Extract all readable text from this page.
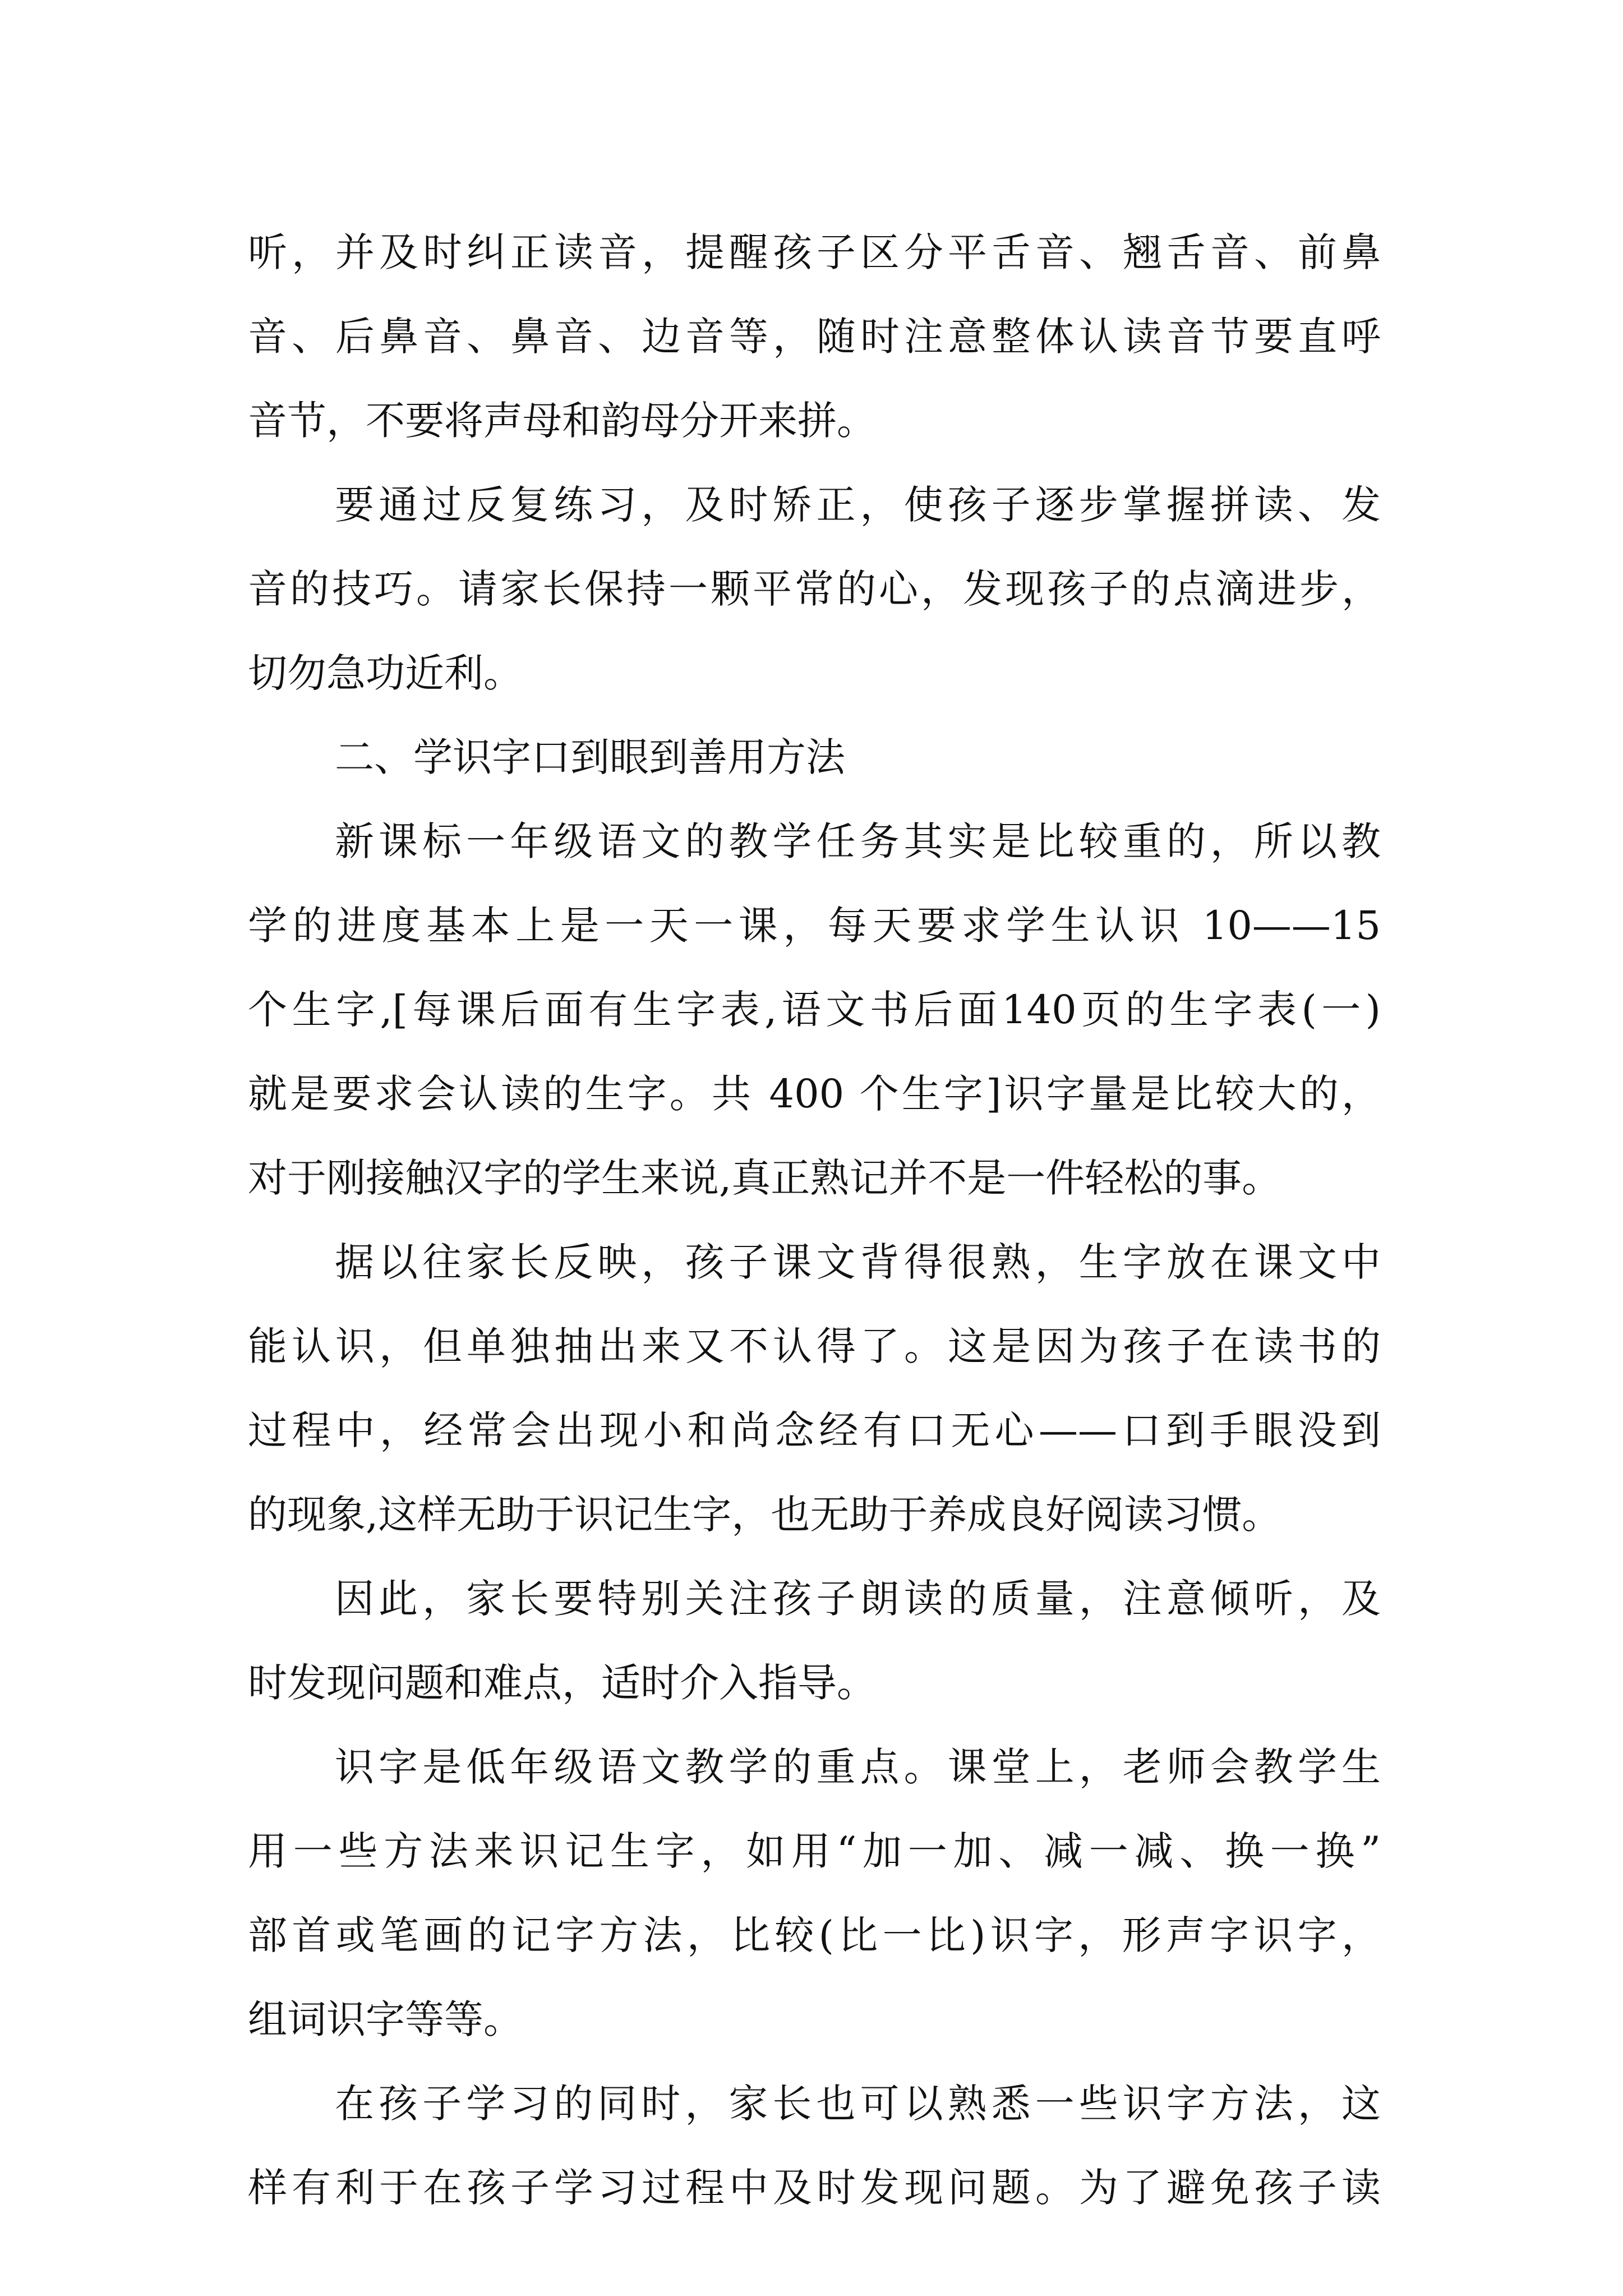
听，并及时纠正读音，提醒孩子区分平舌音、翘舌音、前鼻
音、后鼻音、鼻音、边音等，随时注意整体认读音节要直呼
音节，不要将声母和韵母分开来拼。
要通过反复练习，及时矫正，使孩子逐步掌握拼读、发
音的技巧。请家长保持一颗平常的心，发现孩子的点滴进步，
切勿急功近利。
二、学识字口到眼到善用方法
新课标一年级语文的教学任务其实是比较重的，所以教
学的进度基本上是一天一课，每天要求学生认识 10——15
个生字,[每课后面有生字表,语文书后面140页的生字表(一)
就是要求会认读的生字。共 400 个生字]识字量是比较大的，
对于刚接触汉字的学生来说,真正熟记并不是一件轻松的事。
据以往家长反映，孩子课文背得很熟，生字放在课文中
能认识，但单独抽出来又不认得了。这是因为孩子在读书的
过程中，经常会出现小和尚念经有口无心——口到手眼没到
的现象,这样无助于识记生字，也无助于养成良好阅读习惯。
因此，家长要特别关注孩子朗读的质量，注意倾听，及
时发现问题和难点，适时介入指导。
识字是低年级语文教学的重点。课堂上，老师会教学生
用一些方法来识记生字，如用“加一加、减一减、换一换”
部首或笔画的记字方法，比较(比一比)识字，形声字识字，
组词识字等等。
在孩子学习的同时，家长也可以熟悉一些识字方法，这
样有利于在孩子学习过程中及时发现问题。为了避免孩子读
